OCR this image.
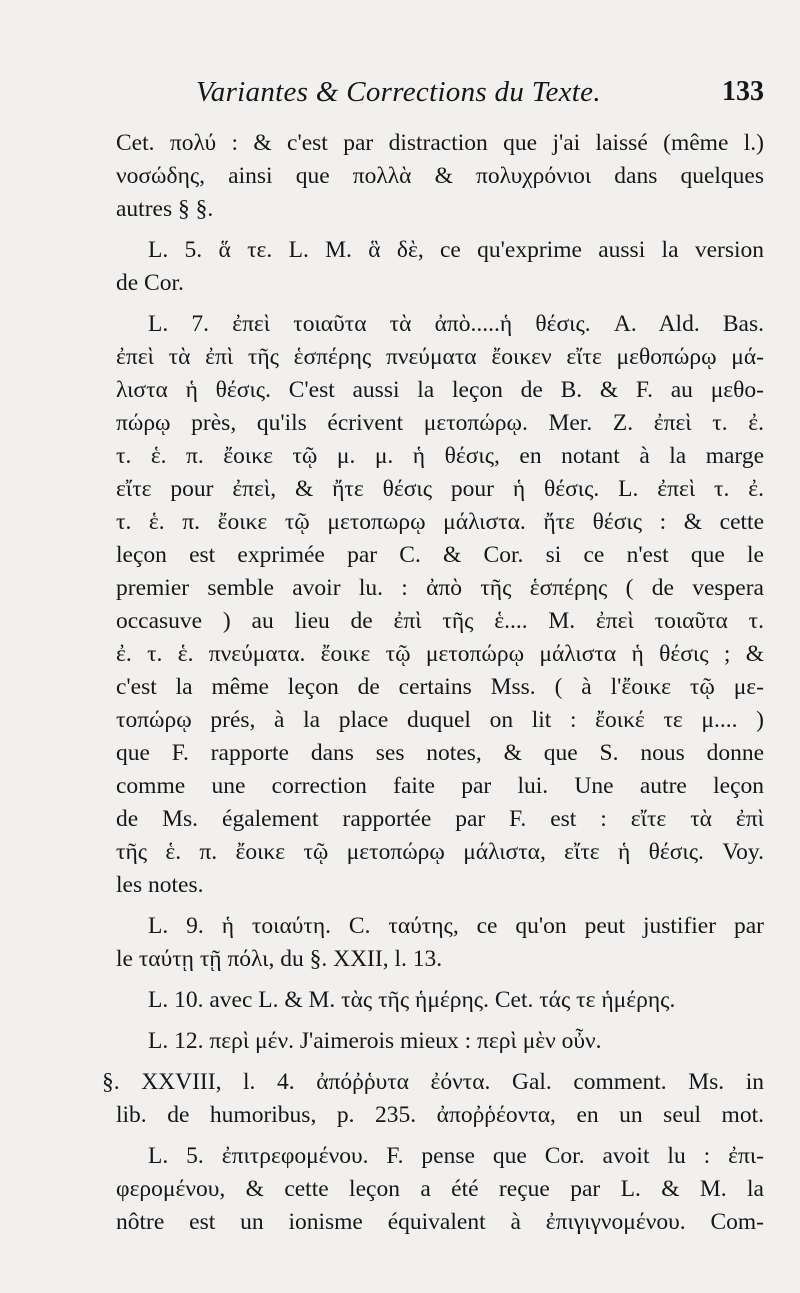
Variantes & Corrections du Texte.	133
Cet. πολύ : & c'est par distraction que j'ai laissé (même l.)
νοσώδης, ainsi que πολλὰ & πολυχρόνιοι dans quelques
autres § §.
L. 5. ἅ τε. L. M. ἃ δὲ, ce qu'exprime aussi la version
de Cor.
L. 7. ἐπεὶ τοιαῦτα τὰ ἀπὸ.....ἡ θέσις. A. Ald. Bas.
ἐπεὶ τὰ ἐπὶ τῆς ἑσπέρης πνεύματα ἔοικεν εἴτε μεθοπώρῳ μά-
λιστα ἡ θέσις. C'est aussi la leçon de B. & F. au μεθο-
πώρῳ près, qu'ils écrivent μετοπώρῳ. Mer. Z. ἐπεὶ τ. ἐ.
τ. ἑ. π. ἔοικε τῷ μ. μ. ἡ θέσις, en notant à la marge
εἴτε pour ἐπεὶ, & ἤτε θέσις pour ἡ θέσις. L. ἐπεὶ τ. ἐ.
τ. ἑ. π. ἔοικε τῷ μετοπωρῳ μάλιστα. ἤτε θέσις : & cette
leçon est exprimée par C. & Cor. si ce n'est que le
premier semble avoir lu. : ἀπὸ τῆς ἑσπέρης ( de vespera
occasuve ) au lieu de ἐπὶ τῆς ἑ.... M. ἐπεὶ τοιαῦτα τ.
ἐ. τ. ἑ. πνεύματα. ἔοικε τῷ μετοπώρῳ μάλιστα ἡ θέσις ; &
c'est la même leçon de certains Mss. ( à l'ἔοικε τῷ με-
τοπώρῳ prés, à la place duquel on lit : ἔοικέ τε μ.... )
que F. rapporte dans ses notes, & que S. nous donne
comme une correction faite par lui. Une autre leçon
de Ms. également rapportée par F. est : εἴτε τὰ ἐπὶ
τῆς ἑ. π. ἔοικε τῷ μετοπώρῳ μάλιστα, εἴτε ἡ θέσις. Voy.
les notes.
L. 9. ἡ τοιαύτη. C. ταύτης, ce qu'on peut justifier par
le ταύτῃ τῇ πόλι, du §. XXII, l. 13.
L. 10. avec L. & M. τὰς τῆς ἡμέρης. Cet. τάς τε ἡμέρης.
L. 12. περὶ μέν. J'aimerois mieux : περὶ μὲν οὖν.
§. XXVIII, l. 4. ἀπόῤῥυτα ἐόντα. Gal. comment. Ms. in
lib. de humoribus, p. 235. ἀποῤῥέοντα, en un seul mot.
L. 5. ἐπιτρεφομένου. F. pense que Cor. avoit lu : ἐπι-
φερομένου, & cette leçon a été reçue par L. & M. la
nôtre est un ionisme équivalent à ἐπιγιγνομένου. Com-
